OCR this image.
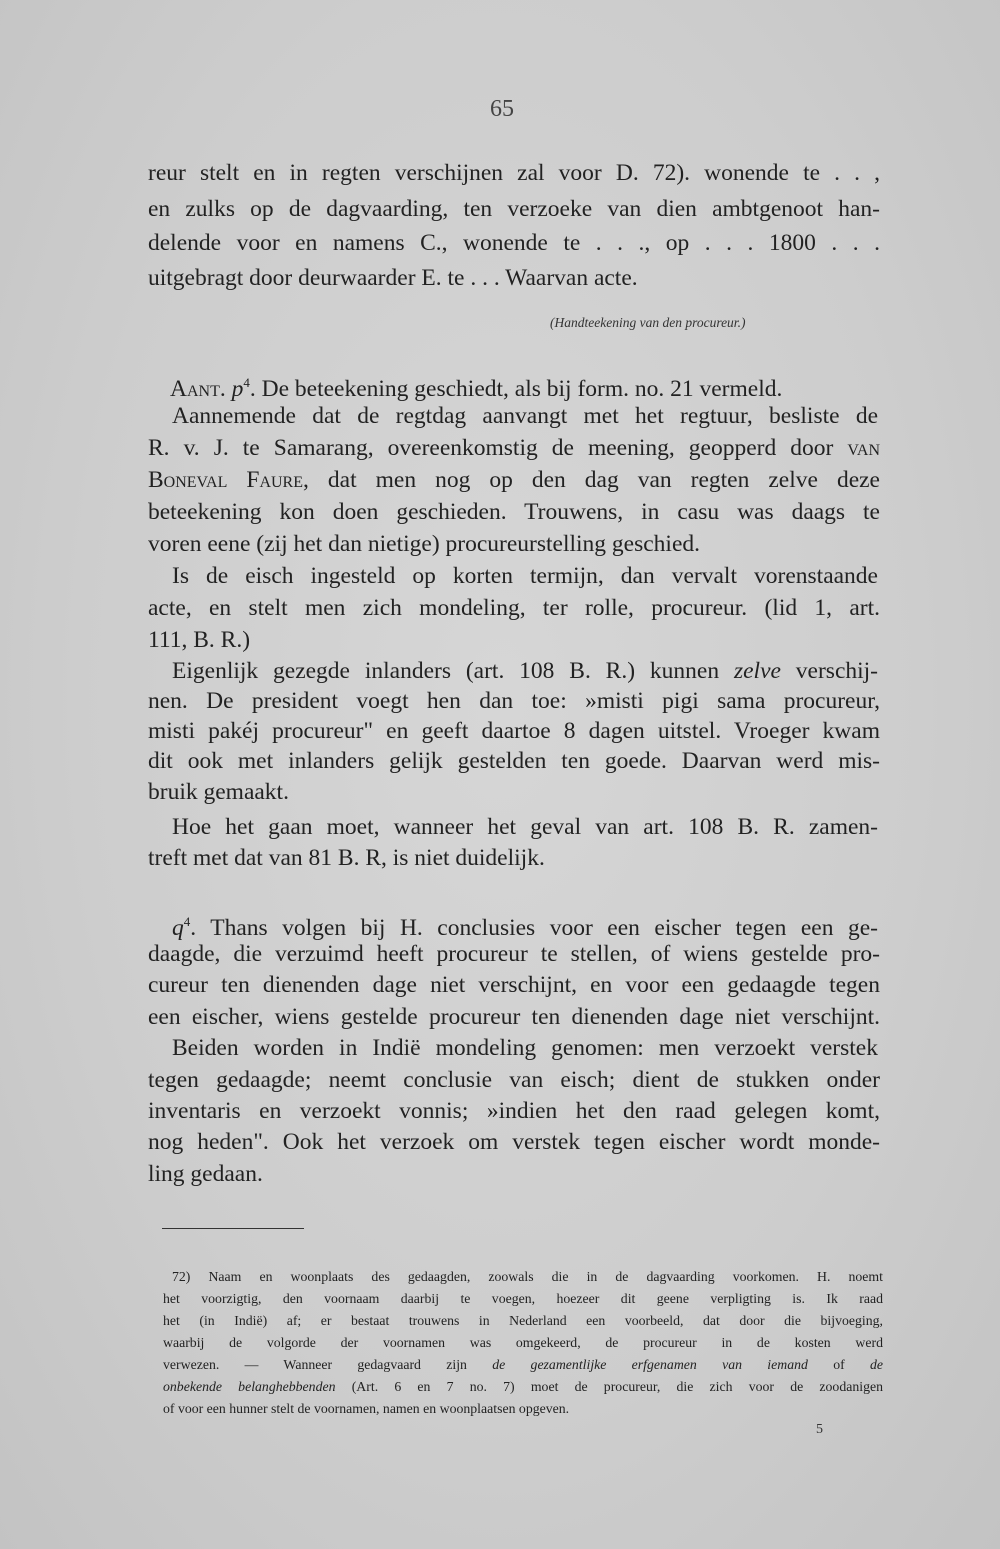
65
reur stelt en in regten verschijnen zal voor D. 72). wonende te . . ,
en zulks op de dagvaarding, ten verzoeke van dien ambtgenoot han-
delende voor en namens C., wonende te . . ., op . . . 1800 . . .
uitgebragt door deurwaarder E. te . . . Waarvan acte.
(Handteekening van den procureur.)
Aant. $p^4$. De beteekening geschiedt, als bij form. no. 21 vermeld.
Aannemende dat de regtdag aanvangt met het regtuur, besliste de
R. v. J. te Samarang, overeenkomstig de meening, geopperd door van
Boneval Faure, dat men nog op den dag van regten zelve deze
beteekening kon doen geschieden. Trouwens, in casu was daags te
voren eene (zij het dan nietige) procureurstelling geschied.
Is de eisch ingesteld op korten termijn, dan vervalt vorenstaande
acte, en stelt men zich mondeling, ter rolle, procureur. (lid 1, art.
111, B. R.)
Eigenlijk gezegde inlanders (art. 108 B. R.) kunnen zelve verschij-
nen. De president voegt hen dan toe: »misti pigi sama procureur,
misti pakéj procureur" en geeft daartoe 8 dagen uitstel. Vroeger kwam
dit ook met inlanders gelijk gestelden ten goede. Daarvan werd mis-
bruik gemaakt.
Hoe het gaan moet, wanneer het geval van art. 108 B. R. zamen-
treft met dat van 81 B. R, is niet duidelijk.
$q^4$. Thans volgen bij H. conclusies voor een eischer tegen een ge-
daagde, die verzuimd heeft procureur te stellen, of wiens gestelde pro-
cureur ten dienenden dage niet verschijnt, en voor een gedaagde tegen
een eischer, wiens gestelde procureur ten dienenden dage niet verschijnt.
Beiden worden in Indië mondeling genomen: men verzoekt verstek
tegen gedaagde; neemt conclusie van eisch; dient de stukken onder
inventaris en verzoekt vonnis; »indien het den raad gelegen komt,
nog heden". Ook het verzoek om verstek tegen eischer wordt monde-
ling gedaan.
72) Naam en woonplaats des gedaagden, zoowals die in de dagvaarding voorkomen. H. noemt
het voorzigtig, den voornaam daarbij te voegen, hoezeer dit geene verpligting is. Ik raad
het (in Indië) af; er bestaat trouwens in Nederland een voorbeeld, dat door die bijvoeging,
waarbij de volgorde der voornamen was omgekeerd, de procureur in de kosten werd
verwezen. — Wanneer gedagvaard zijn de gezamentlijke erfgenamen van iemand of de
onbekende belanghebbenden (Art. 6 en 7 no. 7) moet de procureur, die zich voor de zoodanigen
of voor een hunner stelt de voornamen, namen en woonplaatsen opgeven.
5
